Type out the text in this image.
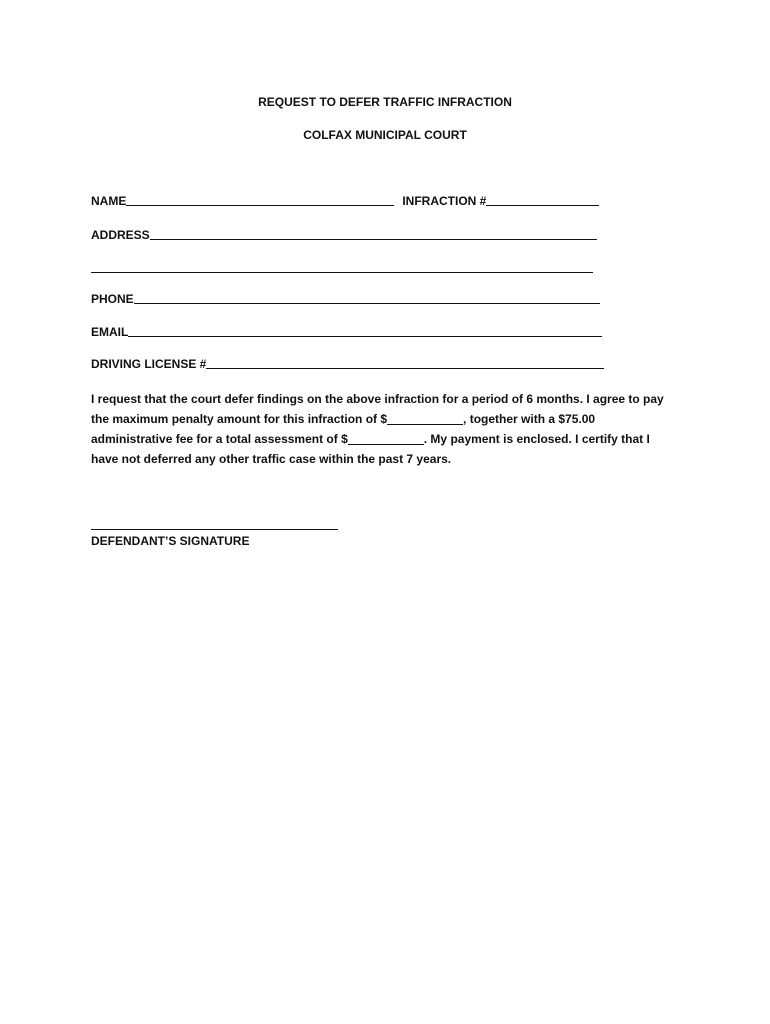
REQUEST TO DEFER TRAFFIC INFRACTION
COLFAX MUNICIPAL COURT
NAME	INFRACTION #
ADDRESS
PHONE
EMAIL
DRIVING LICENSE #
I request that the court defer findings on the above infraction for a period of 6 months. I agree to pay
the maximum penalty amount for this infraction of $	, together with a $75.00
administrative fee for a total assessment of $	. My payment is enclosed. I certify that I
have not deferred any other traffic case within the past 7 years.
DEFENDANT’S SIGNATURE
